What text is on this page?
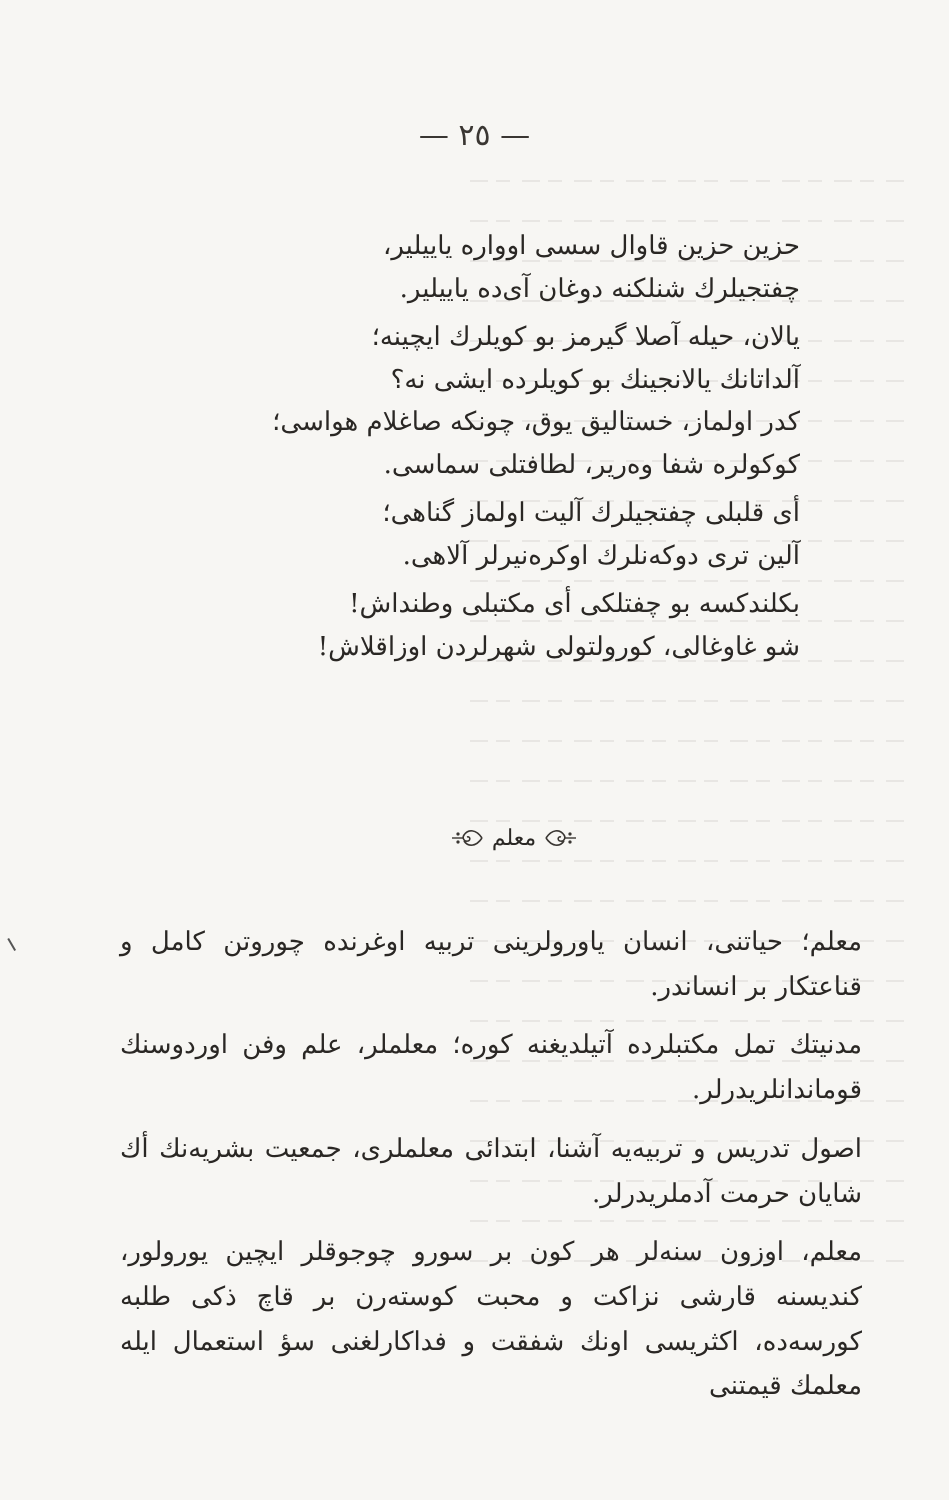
— ٢٥ —
حزین حزین قاوال سسی اوواره یاییلیر،
چفتجیلرك شنلكنه دوغان آی‌ده یاییلیر.
یالان، حیله آصلا گیرمز بو کویلرك ایچینه؛
آلداتانك یالانجینك بو کویلرده ایشی نه؟
کدر اولماز، خستالیق یوق، چونکه صاغلام هواسی؛
کوکولره شفا وه‌ریر، لطافتلی سماسی.
أی قلبلی چفتجیلرك آلیت اولماز گناهی؛
آلین تری دوکه‌نلرك اوکره‌نیرلر آلاهی.
بکلندکسه بو چفتلکی أی مکتبلی وطنداش!
شو غاوغالی، کورولتولی شهرلردن اوزاقلاش!
معلم

معلم؛ حیاتنی، انسان یاورولرینی تربیه اوغرنده چوروتن کامل و قناعتکار بر انساندر.

مدنیتك تمل مکتبلرده آتیلدیغنه کوره؛ معلملر، علم وفن اوردوسنك قوماندانلریدرلر.

اصول تدریس و تربیه‌یه آشنا، ابتدائی معلملری، جمعیت بشریه‌نك أك شایان حرمت آدملریدرلر.

معلم، اوزون سنه‌لر هر کون بر سورو چوجوقلر ایچین یورولور، کندیسنه قارشی نزاکت و محبت کوسته‌رن بر قاچ ذکی طلبه کورسه‌ده، اکثریسی اونك شفقت و فداکارلغنی سؤ استعمال ایله معلمك قیمتنی
